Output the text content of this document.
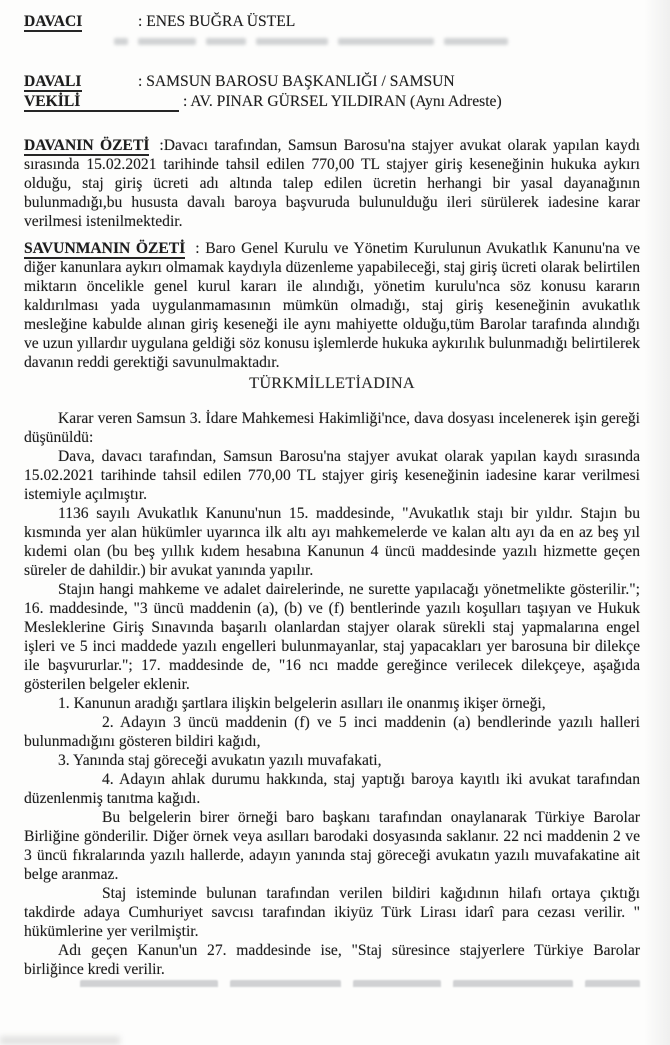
DAVACI	: ENES BUĞRA ÜSTEL
DAVALI	: SAMSUN BAROSU BAŞKANLIĞI / SAMSUN
VEKİLİ	: AV. PINAR GÜRSEL YILDIRAN (Aynı Adreste)

DAVANIN ÖZETİ :Davacı tarafından, Samsun Barosu'na stajyer avukat olarak yapılan kaydı sırasında 15.02.2021 tarihinde tahsil edilen 770,00 TL stajyer giriş keseneğinin hukuka aykırı olduğu, staj giriş ücreti adı altında talep edilen ücretin herhangi bir yasal dayanağının bulunmadığı,bu hususta davalı baroya başvuruda bulunulduğu ileri sürülerek iadesine karar verilmesi istenilmektedir.

SAVUNMANIN ÖZETİ : Baro Genel Kurulu ve Yönetim Kurulunun Avukatlık Kanunu'na ve diğer kanunlara aykırı olmamak kaydıyla düzenleme yapabileceği, staj giriş ücreti olarak belirtilen miktarın öncelikle genel kurul kararı ile alındığı, yönetim kurulu'nca söz konusu kararın kaldırılması yada uygulanmamasının mümkün olmadığı, staj giriş keseneğinin avukatlık mesleğine kabulde alınan giriş keseneği ile aynı mahiyette olduğu,tüm Barolar tarafında alındığı ve uzun yıllardır uygulana geldiği söz konusu işlemlerde hukuka aykırılık bulunmadığı belirtilerek davanın reddi gerektiği savunulmaktadır.

TÜRKMİLLETİADINA

Karar veren Samsun 3. İdare Mahkemesi Hakimliği'nce, dava dosyası incelenerek işin gereği düşünüldü:

Dava, davacı tarafından, Samsun Barosu'na stajyer avukat olarak yapılan kaydı sırasında 15.02.2021 tarihinde tahsil edilen 770,00 TL stajyer giriş keseneğinin iadesine karar verilmesi istemiyle açılmıştır.

1136 sayılı Avukatlık Kanunu'nun 15. maddesinde, "Avukatlık stajı bir yıldır. Stajın bu kısmında yer alan hükümler uyarınca ilk altı ayı mahkemelerde ve kalan altı ayı da en az beş yıl kıdemi olan (bu beş yıllık kıdem hesabına Kanunun 4 üncü maddesinde yazılı hizmette geçen süreler de dahildir.) bir avukat yanında yapılır.

Stajın hangi mahkeme ve adalet dairelerinde, ne surette yapılacağı yönetmelikte gösterilir."; 16. maddesinde, "3 üncü maddenin (a), (b) ve (f) bentlerinde yazılı koşulları taşıyan ve Hukuk Mesleklerine Giriş Sınavında başarılı olanlardan stajyer olarak sürekli staj yapmalarına engel işleri ve 5 inci maddede yazılı engelleri bulunmayanlar, staj yapacakları yer barosuna bir dilekçe ile başvururlar."; 17. maddesinde de, "16 ncı madde gereğince verilecek dilekçeye, aşağıda gösterilen belgeler eklenir.

1. Kanunun aradığı şartlara ilişkin belgelerin asılları ile onanmış ikişer örneği,

2. Adayın 3 üncü maddenin (f) ve 5 inci maddenin (a) bendlerinde yazılı halleri bulunmadığını gösteren bildiri kağıdı,

3. Yanında staj göreceği avukatın yazılı muvafakati,

4. Adayın ahlak durumu hakkında, staj yaptığı baroya kayıtlı iki avukat tarafından düzenlenmiş tanıtma kağıdı.

Bu belgelerin birer örneği baro başkanı tarafından onaylanarak Türkiye Barolar Birliğine gönderilir. Diğer örnek veya asılları barodaki dosyasında saklanır. 22 nci maddenin 2 ve 3 üncü fıkralarında yazılı hallerde, adayın yanında staj göreceği avukatın yazılı muvafakatine ait belge aranmaz.

Staj isteminde bulunan tarafından verilen bildiri kağıdının hilafı ortaya çıktığı takdirde adaya Cumhuriyet savcısı tarafından ikiyüz Türk Lirası idarî para cezası verilir. " hükümlerine yer verilmiştir.

Adı geçen Kanun'un 27. maddesinde ise, "Staj süresince stajyerlere Türkiye Barolar birliğince kredi verilir.
